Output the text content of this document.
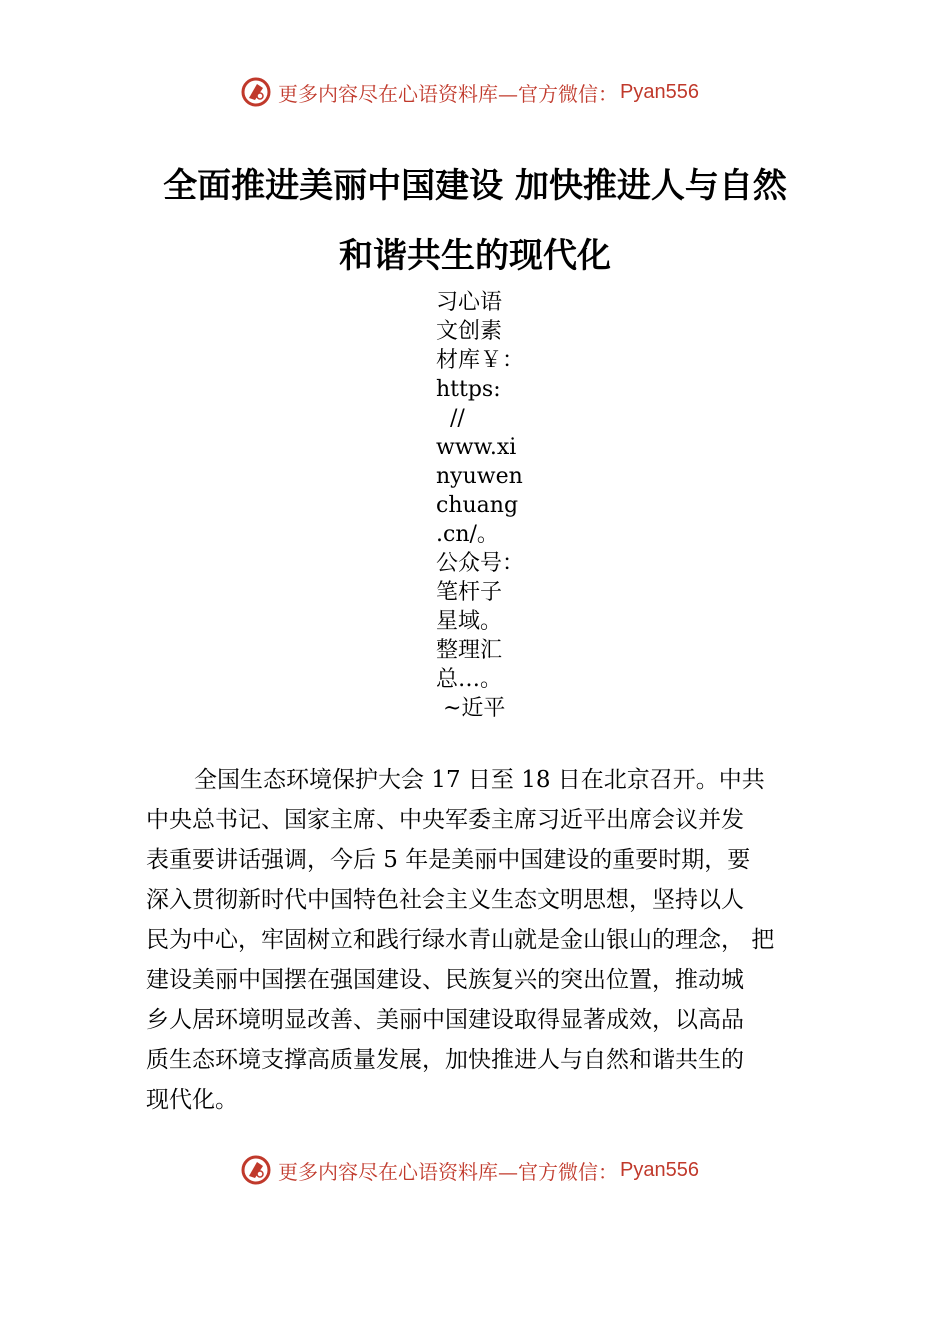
更多内容尽在心语资料库—官方微信： Pyan556
全面推进美丽中国建设 加快推进人与自然
和谐共生的现代化
习心语
文创素
材库￥：
https:
//
www.xi
nyuwen
chuang
.cn/。
公众号：
笔杆子
星域。
整理汇
总…。
~近平
全国生态环境保护大会 17 日至 18 日在北京召开。中共
中央总书记、国家主席、中央军委主席习近平出席会议并发
表重要讲话强调，今后 5 年是美丽中国建设的重要时期，要
深入贯彻新时代中国特色社会主义生态文明思想，坚持以人
民为中心，牢固树立和践行绿水青山就是金山银山的理念， 把
建设美丽中国摆在强国建设、民族复兴的突出位置，推动城
乡人居环境明显改善、美丽中国建设取得显著成效，以高品
质生态环境支撑高质量发展，加快推进人与自然和谐共生的
现代化。
更多内容尽在心语资料库—官方微信： Pyan556
